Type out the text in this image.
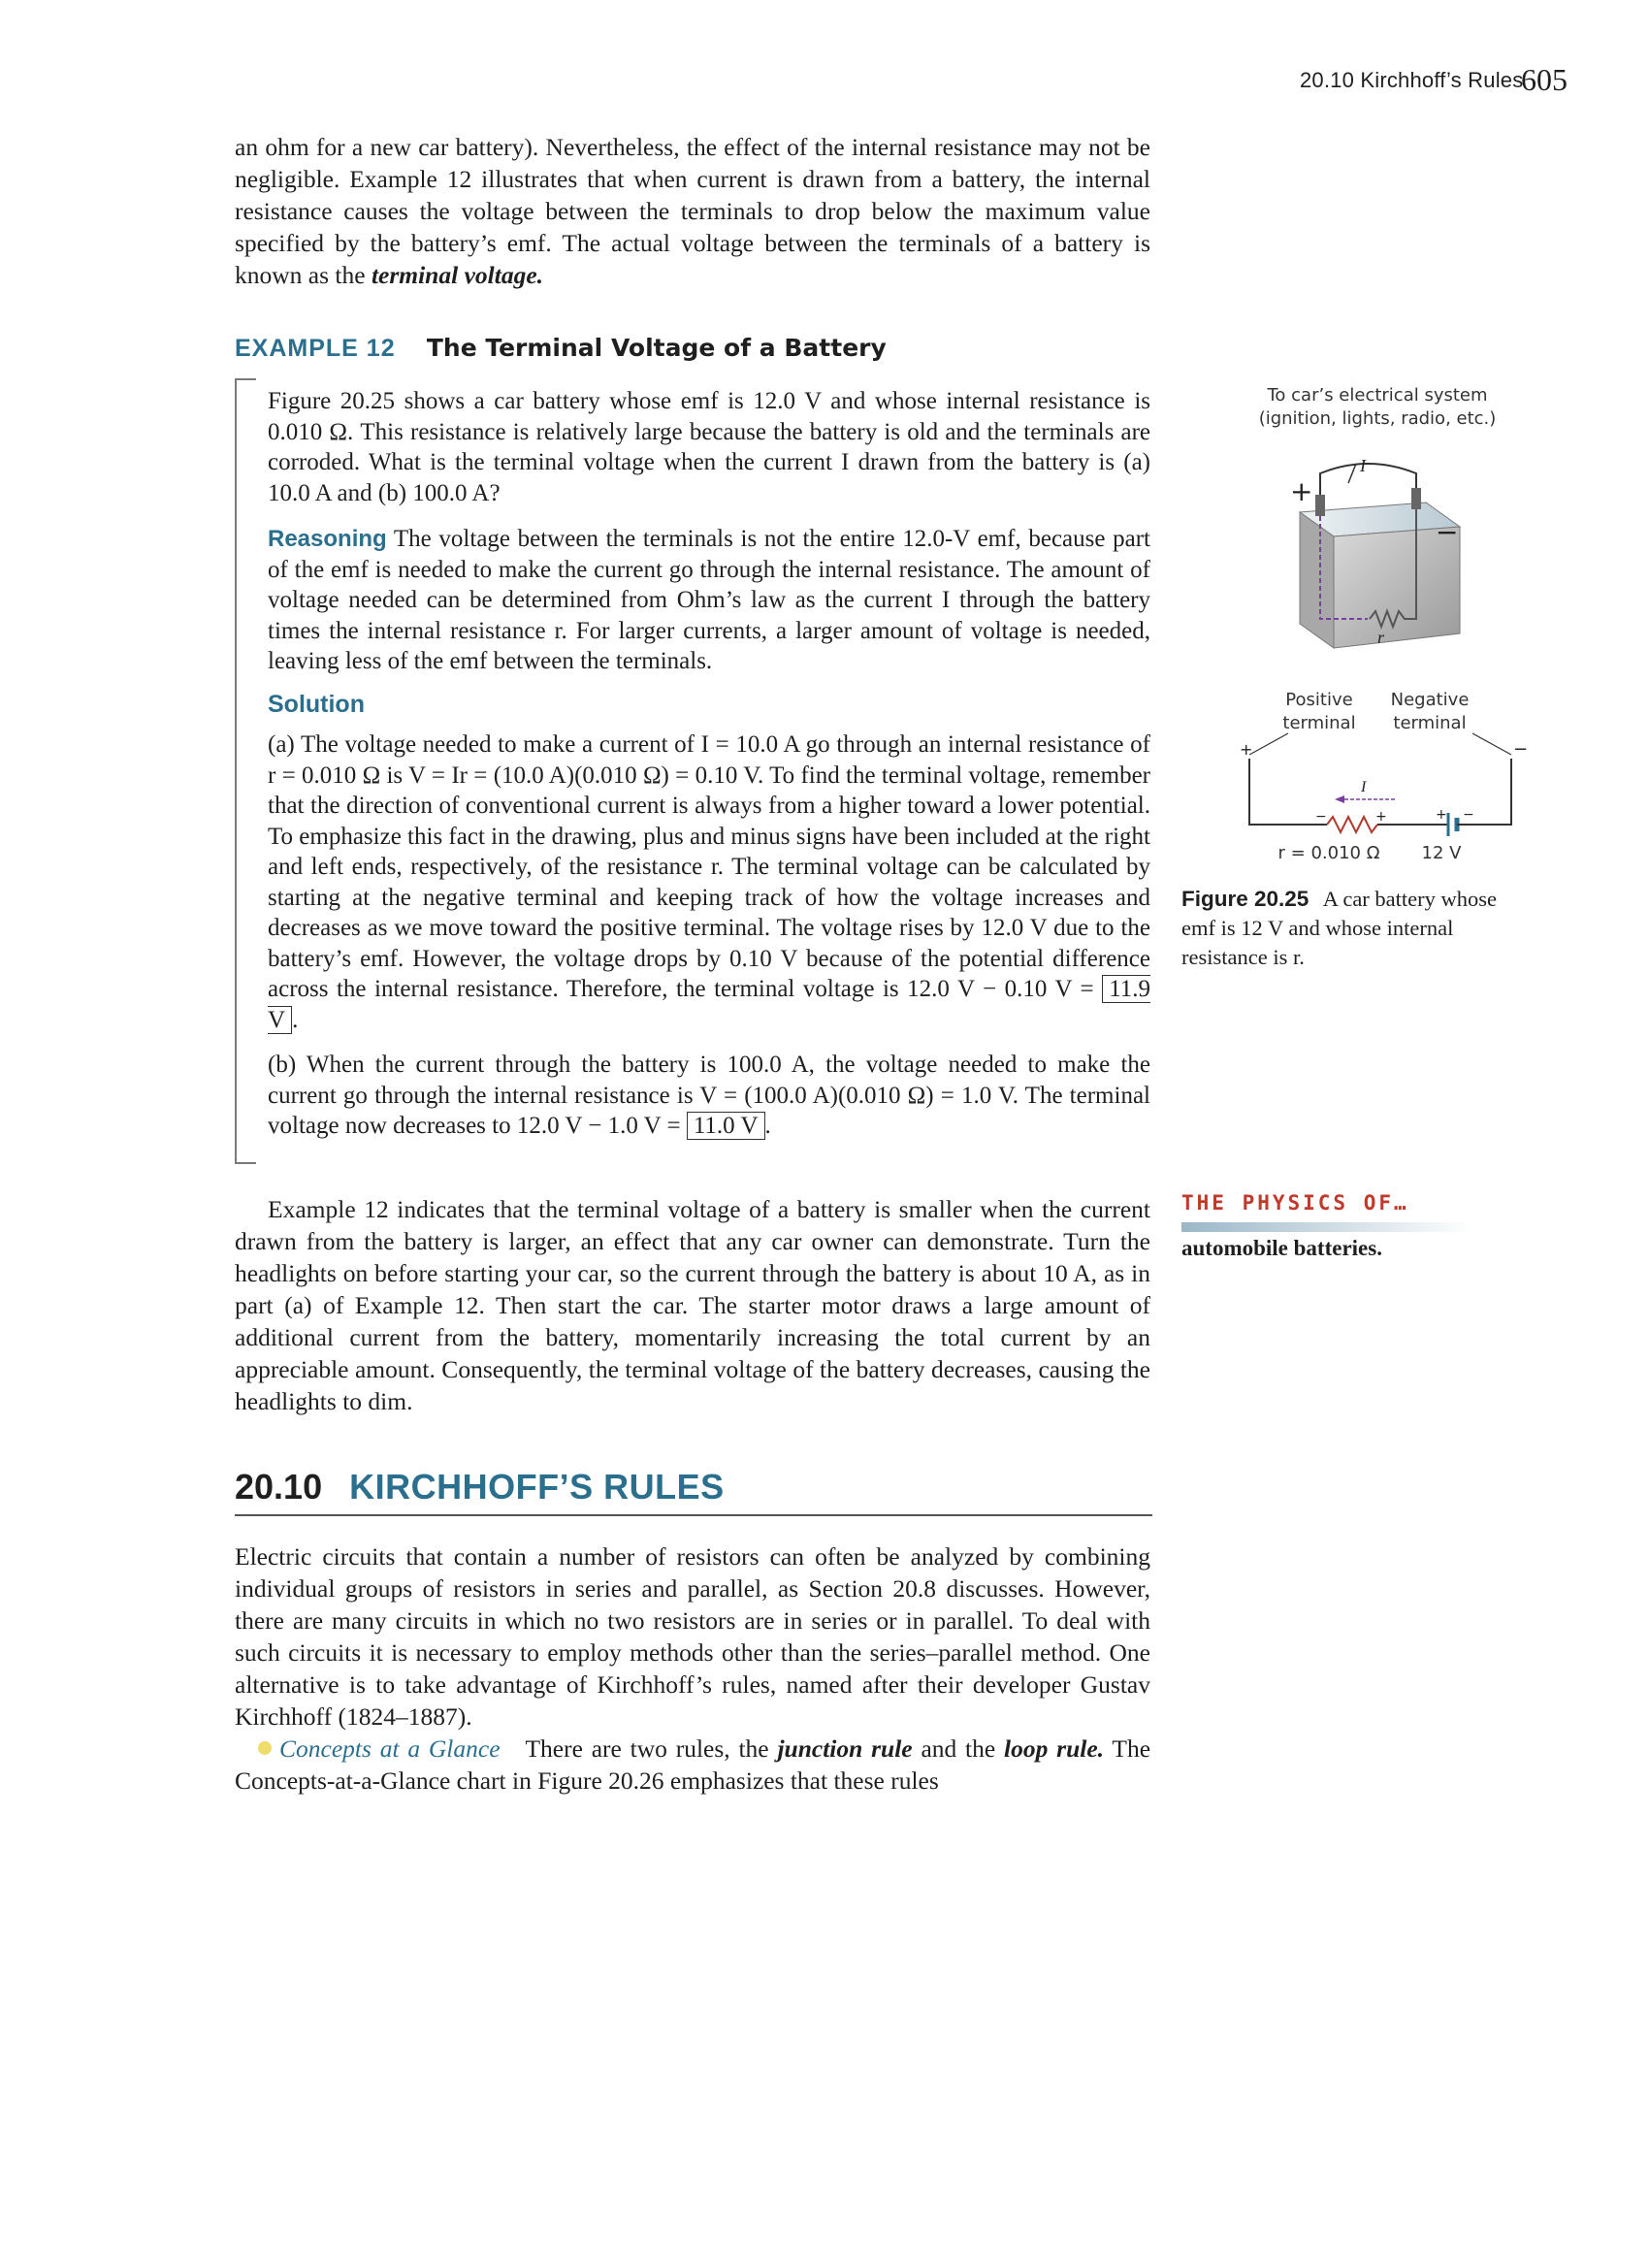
20.10 Kirchhoff’s Rules
605
an ohm for a new car battery). Nevertheless, the effect of the internal resistance may not be negligible. Example 12 illustrates that when current is drawn from a battery, the internal resistance causes the voltage between the terminals to drop below the maximum value specified by the battery’s emf. The actual voltage between the terminals of a battery is known as the terminal voltage.
EXAMPLE 12 The Terminal Voltage of a Battery
Figure 20.25 shows a car battery whose emf is 12.0 V and whose internal resistance is 0.010 Ω. This resistance is relatively large because the battery is old and the terminals are corroded. What is the terminal voltage when the current I drawn from the battery is (a) 10.0 A and (b) 100.0 A?
Reasoning The voltage between the terminals is not the entire 12.0-V emf, because part of the emf is needed to make the current go through the internal resistance. The amount of voltage needed can be determined from Ohm’s law as the current I through the battery times the internal resistance r. For larger currents, a larger amount of voltage is needed, leaving less of the emf between the terminals.
Solution
(a) The voltage needed to make a current of I = 10.0 A go through an internal resistance of r = 0.010 Ω is V = Ir = (10.0 A)(0.010 Ω) = 0.10 V. To find the terminal voltage, remember that the direction of conventional current is always from a higher toward a lower potential. To emphasize this fact in the drawing, plus and minus signs have been included at the right and left ends, respectively, of the resistance r. The terminal voltage can be calculated by starting at the negative terminal and keeping track of how the voltage increases and decreases as we move toward the positive terminal. The voltage rises by 12.0 V due to the battery’s emf. However, the voltage drops by 0.10 V because of the potential difference across the internal resistance. Therefore, the terminal voltage is 12.0 V − 0.10 V = 11.9 V .
(b) When the current through the battery is 100.0 A, the voltage needed to make the current go through the internal resistance is V = (100.0 A)(0.010 Ω) = 1.0 V. The terminal voltage now decreases to 12.0 V − 1.0 V = 11.0 V .
Example 12 indicates that the terminal voltage of a battery is smaller when the current drawn from the battery is larger, an effect that any car owner can demonstrate. Turn the headlights on before starting your car, so the current through the battery is about 10 A, as in part (a) of Example 12. Then start the car. The starter motor draws a large amount of additional current from the battery, momentarily increasing the total current by an appreciable amount. Consequently, the terminal voltage of the battery decreases, causing the headlights to dim.
20.10 KIRCHHOFF’S RULES
Electric circuits that contain a number of resistors can often be analyzed by combining individual groups of resistors in series and parallel, as Section 20.8 discusses. However, there are many circuits in which no two resistors are in series or in parallel. To deal with such circuits it is necessary to employ methods other than the series–parallel method. One alternative is to take advantage of Kirchhoff’s rules, named after their developer Gustav Kirchhoff (1824–1887).
Concepts at a Glance There are two rules, the junction rule and the loop rule. The Concepts-at-a-Glance chart in Figure 20.26 emphasizes that these rules
To car’s electrical system
(ignition, lights, radio, etc.)
I
+
−
r
Positive
terminal
Negative
terminal
+	−
I
−	+	+ −
r = 0.010 Ω	12 V
Figure 20.25 A car battery whose emf is 12 V and whose internal resistance is r.
THE PHYSICS OF…
automobile batteries.
